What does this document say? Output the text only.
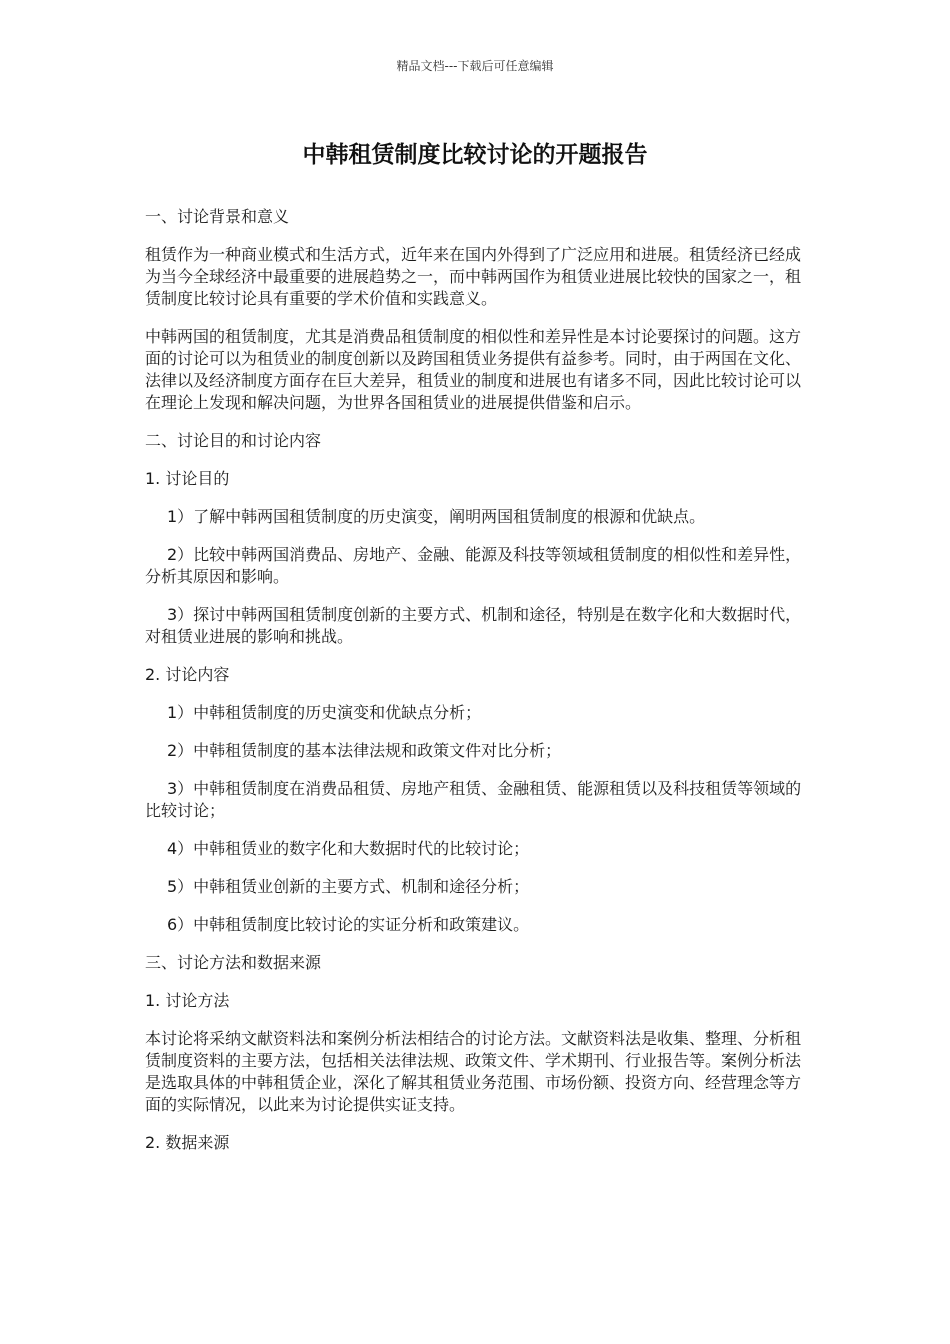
精品文档---下载后可任意编辑
中韩租赁制度比较讨论的开题报告

一、讨论背景和意义

租赁作为一种商业模式和生活方式，近年来在国内外得到了广泛应用和进展。租赁经济已经成为当今全球经济中最重要的进展趋势之一，而中韩两国作为租赁业进展比较快的国家之一，租赁制度比较讨论具有重要的学术价值和实践意义。

中韩两国的租赁制度，尤其是消费品租赁制度的相似性和差异性是本讨论要探讨的问题。这方面的讨论可以为租赁业的制度创新以及跨国租赁业务提供有益参考。同时，由于两国在文化、法律以及经济制度方面存在巨大差异，租赁业的制度和进展也有诸多不同，因此比较讨论可以在理论上发现和解决问题，为世界各国租赁业的进展提供借鉴和启示。

二、讨论目的和讨论内容

1. 讨论目的

1）了解中韩两国租赁制度的历史演变，阐明两国租赁制度的根源和优缺点。

2）比较中韩两国消费品、房地产、金融、能源及科技等领域租赁制度的相似性和差异性，分析其原因和影响。

3）探讨中韩两国租赁制度创新的主要方式、机制和途径，特别是在数字化和大数据时代，对租赁业进展的影响和挑战。

2. 讨论内容

1）中韩租赁制度的历史演变和优缺点分析；

2）中韩租赁制度的基本法律法规和政策文件对比分析；

3）中韩租赁制度在消费品租赁、房地产租赁、金融租赁、能源租赁以及科技租赁等领域的比较讨论；

4）中韩租赁业的数字化和大数据时代的比较讨论；

5）中韩租赁业创新的主要方式、机制和途径分析；

6）中韩租赁制度比较讨论的实证分析和政策建议。

三、讨论方法和数据来源

1. 讨论方法

本讨论将采纳文献资料法和案例分析法相结合的讨论方法。文献资料法是收集、整理、分析租赁制度资料的主要方法，包括相关法律法规、政策文件、学术期刊、行业报告等。案例分析法是选取具体的中韩租赁企业，深化了解其租赁业务范围、市场份额、投资方向、经营理念等方面的实际情况，以此来为讨论提供实证支持。

2. 数据来源
